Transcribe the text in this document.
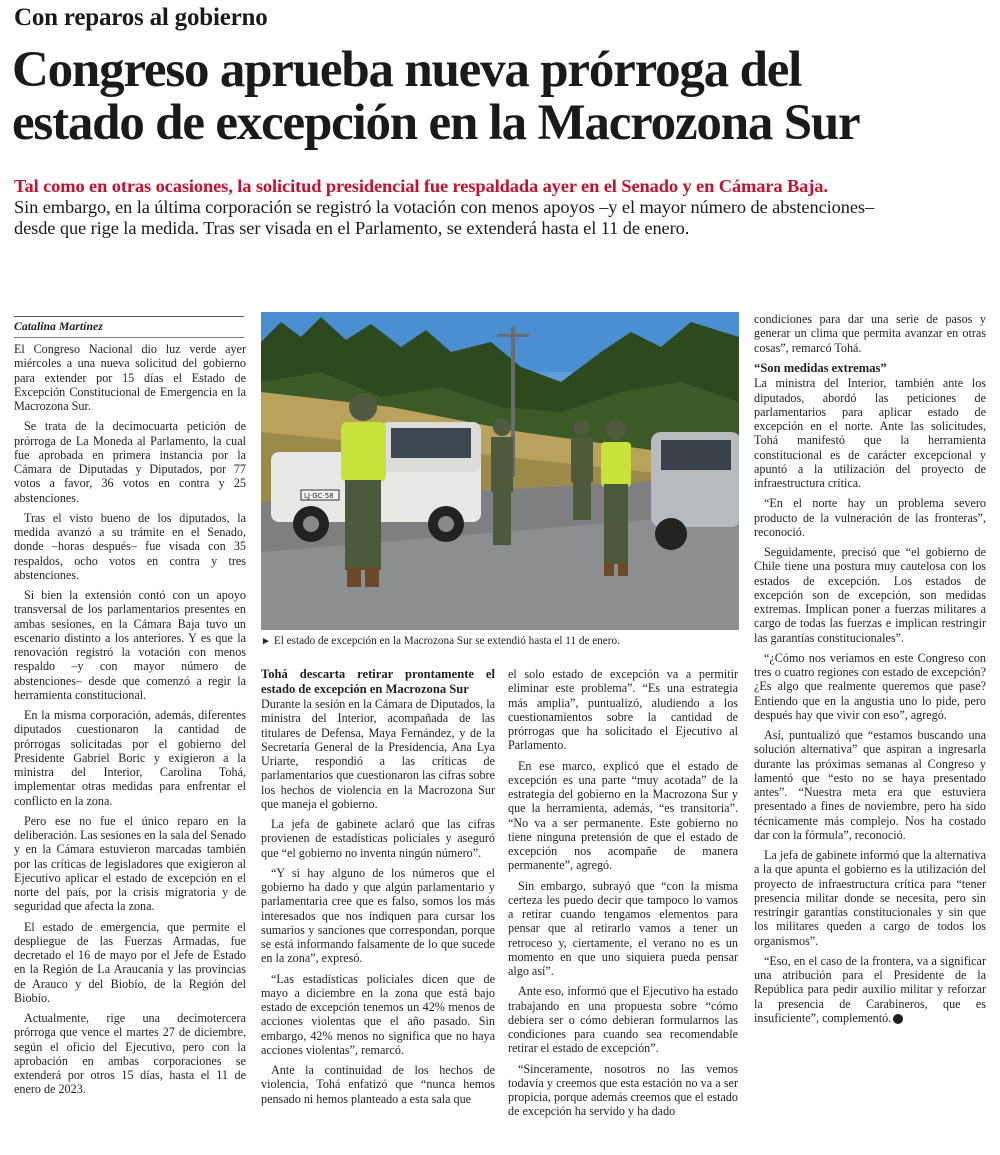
Con reparos al gobierno
Congreso aprueba nueva prórroga del
estado de excepción en la Macrozona Sur
Tal como en otras ocasiones, la solicitud presidencial fue respaldada ayer en el Senado y en Cámara Baja.
Sin embargo, en la última corporación se registró la votación con menos apoyos –y el mayor número de abstenciones–
desde que rige la medida. Tras ser visada en el Parlamento, se extenderá hasta el 11 de enero.
Catalina Martínez

El Congreso Nacional dio luz verde ayer miércoles a una nueva solicitud del gobierno para extender por 15 días el Estado de Excepción Constitucional de Emergencia en la Macrozona Sur.

Se trata de la decimocuarta petición de prórroga de La Moneda al Parlamento, la cual fue aprobada en primera instancia por la Cámara de Diputadas y Diputados, por 77 votos a favor, 36 votos en contra y 25 abstenciones.

Tras el visto bueno de los diputados, la medida avanzó a su trámite en el Senado, donde –horas después– fue visada con 35 respaldos, ocho votos en contra y tres abstenciones.

Si bien la extensión contó con un apoyo transversal de los parlamentarios presentes en ambas sesiones, en la Cámara Baja tuvo un escenario distinto a los anteriores. Y es que la renovación registró la votación con menos respaldo –y con mayor número de abstenciones– desde que comenzó a regir la herramienta constitucional.

En la misma corporación, además, diferentes diputados cuestionaron la cantidad de prórrogas solicitadas por el gobierno del Presidente Gabriel Boric y exigieron a la ministra del Interior, Carolina Tohá, implementar otras medidas para enfrentar el conflicto en la zona.

Pero ese no fue el único reparo en la deliberación. Las sesiones en la sala del Senado y en la Cámara estuvieron marcadas también por las críticas de legisladores que exigieron al Ejecutivo aplicar el estado de excepción en el norte del país, por la crisis migratoria y de seguridad que afecta la zona.

El estado de emergencia, que permite el despliegue de las Fuerzas Armadas, fue decretado el 16 de mayo por el Jefe de Estado en la Región de La Araucanía y las provincias de Arauco y del Biobío, de la Región del Biobío.

Actualmente, rige una decimotercera prórroga que vence el martes 27 de diciembre, según el oficio del Ejecutivo, pero con la aprobación en ambas corporaciones se extenderá por otros 15 días, hasta el 11 de enero de 2023.

LJ·GC·58
► El estado de excepción en la Macrozona Sur se extendió hasta el 11 de enero.
Tohá descarta retirar prontamente el estado de excepción en Macrozona Sur

Durante la sesión en la Cámara de Diputados, la ministra del Interior, acompañada de las titulares de Defensa, Maya Fernández, y de la Secretaría General de la Presidencia, Ana Lya Uriarte, respondió a las críticas de parlamentarios que cuestionaron las cifras sobre los hechos de violencia en la Macrozona Sur que maneja el gobierno.

La jefa de gabinete aclaró que las cifras provienen de estadísticas policiales y aseguró que “el gobierno no inventa ningún número”.

“Y si hay alguno de los números que el gobierno ha dado y que algún parlamentario y parlamentaria cree que es falso, somos los más interesados que nos indiquen para cursar los sumarios y sanciones que correspondan, porque se está informando falsamente de lo que sucede en la zona”, expresó.

“Las estadísticas policiales dicen que de mayo a diciembre en la zona que está bajo estado de excepción tenemos un 42% menos de acciones violentas que el año pasado. Sin embargo, 42% menos no significa que no haya acciones violentas”, remarcó.

Ante la continuidad de los hechos de violencia, Tohá enfatizó que “nunca hemos pensado ni hemos planteado a esta sala que

el solo estado de excepción va a permitir eliminar este problema”. “Es una estrategia más amplia”, puntualizó, aludiendo a los cuestionamientos sobre la cantidad de prórrogas que ha solicitado el Ejecutivo al Parlamento.

En ese marco, explicó que el estado de excepción es una parte “muy acotada” de la estrategia del gobierno en la Macrozona Sur y que la herramienta, además, “es transitoria”. “No va a ser permanente. Este gobierno no tiene ninguna pretensión de que el estado de excepción nos acompañe de manera permanente”, agregó.

Sin embargo, subrayó que “con la misma certeza les puedo decir que tampoco lo vamos a retirar cuando tengamos elementos para pensar que al retirarlo vamos a tener un retroceso y, ciertamente, el verano no es un momento en que uno siquiera pueda pensar algo así”.

Ante eso, informó que el Ejecutivo ha estado trabajando en una propuesta sobre “cómo debiera ser o cómo debieran formularnos las condiciones para cuando sea recomendable retirar el estado de excepción”.

“Sinceramente, nosotros no las vemos todavía y creemos que esta estación no va a ser propicia, porque además creemos que el estado de excepción ha servido y ha dado

condiciones para dar una serie de pasos y generar un clima que permita avanzar en otras cosas”, remarcó Tohá.

“Son medidas extremas”

La ministra del Interior, también ante los diputados, abordó las peticiones de parlamentarios para aplicar estado de excepción en el norte. Ante las solicitudes, Tohá manifestó que la herramienta constitucional es de carácter excepcional y apuntó a la utilización del proyecto de infraestructura crítica.

“En el norte hay un problema severo producto de la vulneración de las fronteras”, reconoció.

Seguidamente, precisó que “el gobierno de Chile tiene una postura muy cautelosa con los estados de excepción. Los estados de excepción son de excepción, son medidas extremas. Implican poner a fuerzas militares a cargo de todas las fuerzas e implican restringir las garantías constitucionales”.

“¿Cómo nos veríamos en este Congreso con tres o cuatro regiones con estado de excepción? ¿Es algo que realmente queremos que pase? Entiendo que en la angustia uno lo pide, pero después hay que vivir con eso”, agregó.

Así, puntualizó que “estamos buscando una solución alternativa” que aspiran a ingresarla durante las próximas semanas al Congreso y lamentó que “esto no se haya presentado antes”. “Nuestra meta era que estuviera presentado a fines de noviembre, pero ha sido técnicamente más complejo. Nos ha costado dar con la fórmula”, reconoció.

La jefa de gabinete informó que la alternativa a la que apunta el gobierno es la utilización del proyecto de infraestructura crítica para “tener presencia militar donde se necesita, pero sin restringir garantías constitucionales y sin que los militares queden a cargo de todos los organismos”.

“Eso, en el caso de la frontera, va a significar una atribución para el Presidente de la República para pedir auxilio militar y reforzar la presencia de Carabineros, que es insuficiente”, complementó.
